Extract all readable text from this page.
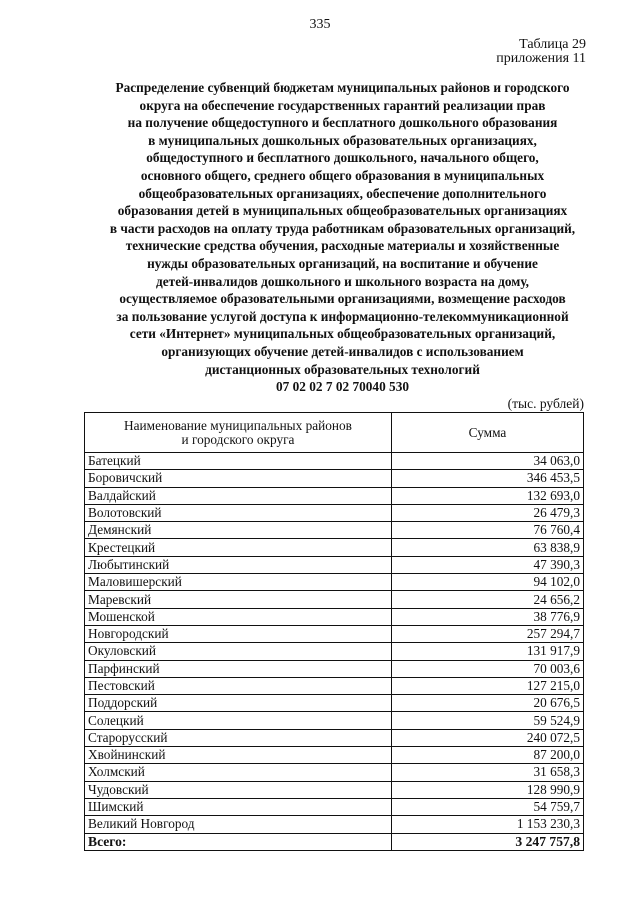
335
Таблица 29
приложения 11
Распределение субвенций бюджетам муниципальных районов и городского
округа на обеспечение государственных гарантий реализации прав
на получение общедоступного и бесплатного дошкольного образования
в муниципальных дошкольных образовательных организациях,
общедоступного и бесплатного дошкольного, начального общего,
основного общего, среднего общего образования в муниципальных
общеобразовательных организациях, обеспечение дополнительного
образования детей в муниципальных общеобразовательных организациях
в части расходов на оплату труда работникам образовательных организаций,
технические средства обучения, расходные материалы и хозяйственные
нужды образовательных организаций, на воспитание и обучение
детей-инвалидов дошкольного и школьного возраста на дому,
осуществляемое образовательными организациями, возмещение расходов
за пользование услугой доступа к информационно-телекоммуникационной
сети «Интернет» муниципальных общеобразовательных организаций,
организующих обучение детей-инвалидов с использованием
дистанционных образовательных технологий
07 02 02 7 02 70040 530
(тыс. рублей)
Наименование муниципальных районов
и городского округа	Сумма
Батецкий	34 063,0
Боровичский	346 453,5
Валдайский	132 693,0
Волотовский	26 479,3
Демянский	76 760,4
Крестецкий	63 838,9
Любытинский	47 390,3
Маловишерский	94 102,0
Маревский	24 656,2
Мошенской	38 776,9
Новгородский	257 294,7
Окуловский	131 917,9
Парфинский	70 003,6
Пестовский	127 215,0
Поддорский	20 676,5
Солецкий	59 524,9
Старорусский	240 072,5
Хвойнинский	87 200,0
Холмский	31 658,3
Чудовский	128 990,9
Шимский	54 759,7
Великий Новгород	1 153 230,3
Всего:	3 247 757,8
